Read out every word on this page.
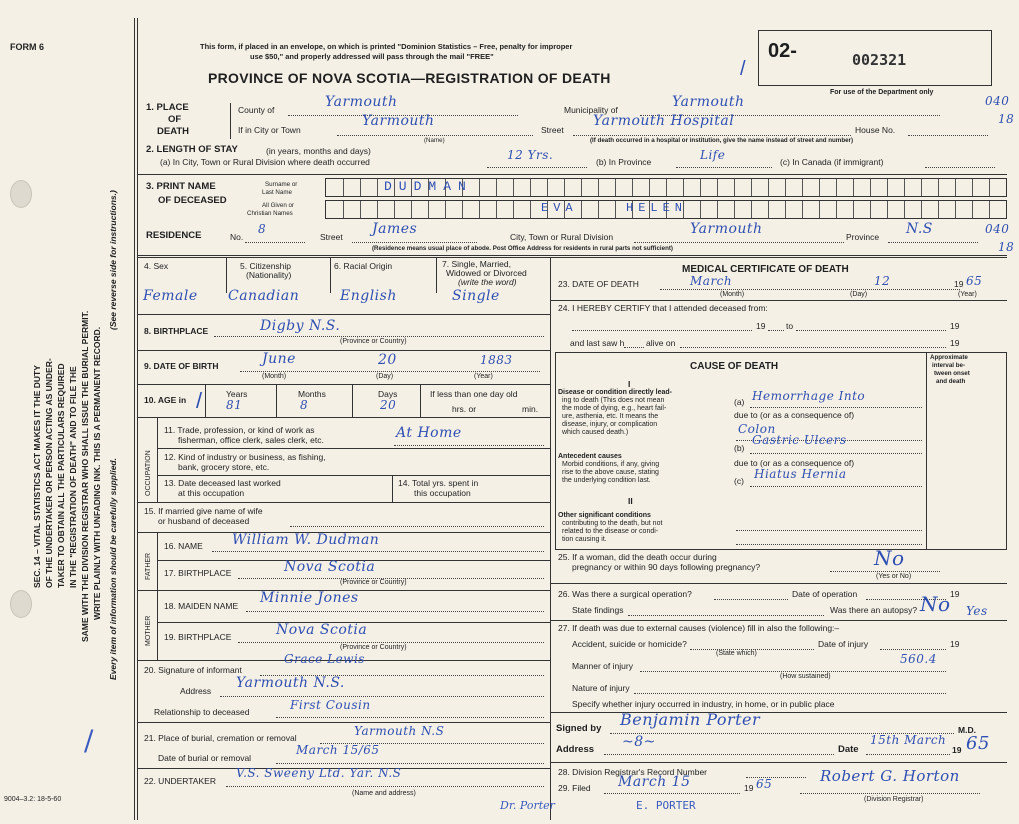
FORM 6
9004–3.2: 18-5-60
SEC. 14 – VITAL STATISTICS ACT MAKES IT THE DUTY OF THE UNDERTAKER OR PERSON ACTING AS UNDER- TAKER TO OBTAIN ALL THE PARTICULARS REQUIRED IN THE "REGISTRATION OF DEATH" AND TO FILE THE SAME WITH THE DIVISION REGISTRAR WHO SHALL ISSUE THE BURIAL PERMIT. WRITE PLAINLY WITH UNFADING INK. THIS IS A PERMANENT RECORD. Every item of information should be carefully supplied.
(See reverse side for instructions.)
/
This form, if placed in an envelope, on which is printed "Dominion Statistics – Free, penalty for improper
use $50," and properly addressed will pass through the mail "FREE"
PROVINCE OF NOVA SCOTIA—REGISTRATION OF DEATH
02-	002321
For use of the Department only
040
18
/
1. PLACE
OF
DEATH
County of	Yarmouth	Municipality of	Yarmouth
If in City or Town
Yarmouth
(Name)
Street
Yarmouth Hospital
House No.
(If death occurred in a hospital or institution, give the name instead of street and number)
2. LENGTH OF STAY	(in years, months and days)
(a) In City, Town or Rural Division where death occurred	12 Yrs.	(b) In Province	Life	(c) In Canada (if immigrant)
3. PRINT NAME
OF DECEASED
Surname or
Last Name
All Given or
Christian Names
DUDMAN
EVA	HELEN
RESIDENCE	No.
8
Street James	City, Town or Rural Division	Yarmouth	Province N.S	040
18
(Residence means usual place of abode. Post Office Address for residents in rural parts not sufficient)
4. Sex	5. Citizenship
(Nationality)
6. Racial Origin	7. Single, Married,
Widowed or Divorced
(write the word)
Female Canadian	English	Single
8. BIRTHPLACE	Digby N.S.
(Province or Country)
9. DATE OF BIRTH	June	20	1883
(Month)	(Day)	(Year)
10. AGE in
Years	Months	Days	If less than one day old
81	8	20	hrs. or	min.
/
OCCUPATION
11. Trade, profession, or kind of work as
fisherman, office clerk, sales clerk, etc.	At Home
12. Kind of industry or business, as fishing,
bank, grocery store, etc.
13. Date deceased last worked
at this occupation
14. Total yrs. spent in
this occupation
15. If married give name of wife
or husband of deceased
FATHER
16. NAME William W. Dudman
17. BIRTHPLACE	Nova Scotia
(Province or Country)
MOTHER
18. MAIDEN NAME Minnie Jones
19. BIRTHPLACE	Nova Scotia
(Province or Country)
20. Signature of informant
Grace Lewis
Address Yarmouth N.S.
Relationship to deceased	First Cousin
21. Place of burial, cremation or removal	Yarmouth N.S
Date of burial or removal
March 15/65
22. UNDERTAKER
V.S. Sweeny Ltd. Yar. N.S
(Name and address)
MEDICAL CERTIFICATE OF DEATH
23. DATE OF DEATH	March	12	19 65
(Month)	(Day)	(Year)
24. I HEREBY CERTIFY that I attended deceased from:
19 to	19
and last saw h	alive on	19
CAUSE OF DEATH
Approximate
interval be-
tween onset
and death
I
Disease or condition directly lead-
ing to death (This does not mean
the mode of dying, e.g., heart fail-
ure, asthenia, etc. It means the
disease, injury, or complication
which caused death.)
(a) Hemorrhage Into
due to (or as a consequence of)
Colon
Antecedent causes
Morbid conditions, if any, giving
rise to the above cause, stating
the underlying condition last.
(b)
Gastric Ulcers
due to (or as a consequence of)
(c) Hiatus Hernia
II
Other significant conditions
contributing to the death, but not
related to the disease or condi-
tion causing it.
25. If a woman, did the death occur during
pregnancy or within 90 days following pregnancy?	No
(Yes or No)
26. Was there a surgical operation?	Date of operation	19
State findings	Was there an autopsy? No Yes
27. If death was due to external causes (violence) fill in also the following:–
Accident, suicide or homicide?	Date of injury	19
(State which)
Manner of injury	560.4
(How sustained)
Nature of injury
Specify whether injury occurred in industry, in home, or in public place
Signed by Benjamin Porter
M.D.
Address ~8~	Date
15th March
19 65
28. Division Registrar's Record Number
29. Filed March 15	19 65	Robert G. Horton
(Division Registrar)
Dr. Porter	E. PORTER
